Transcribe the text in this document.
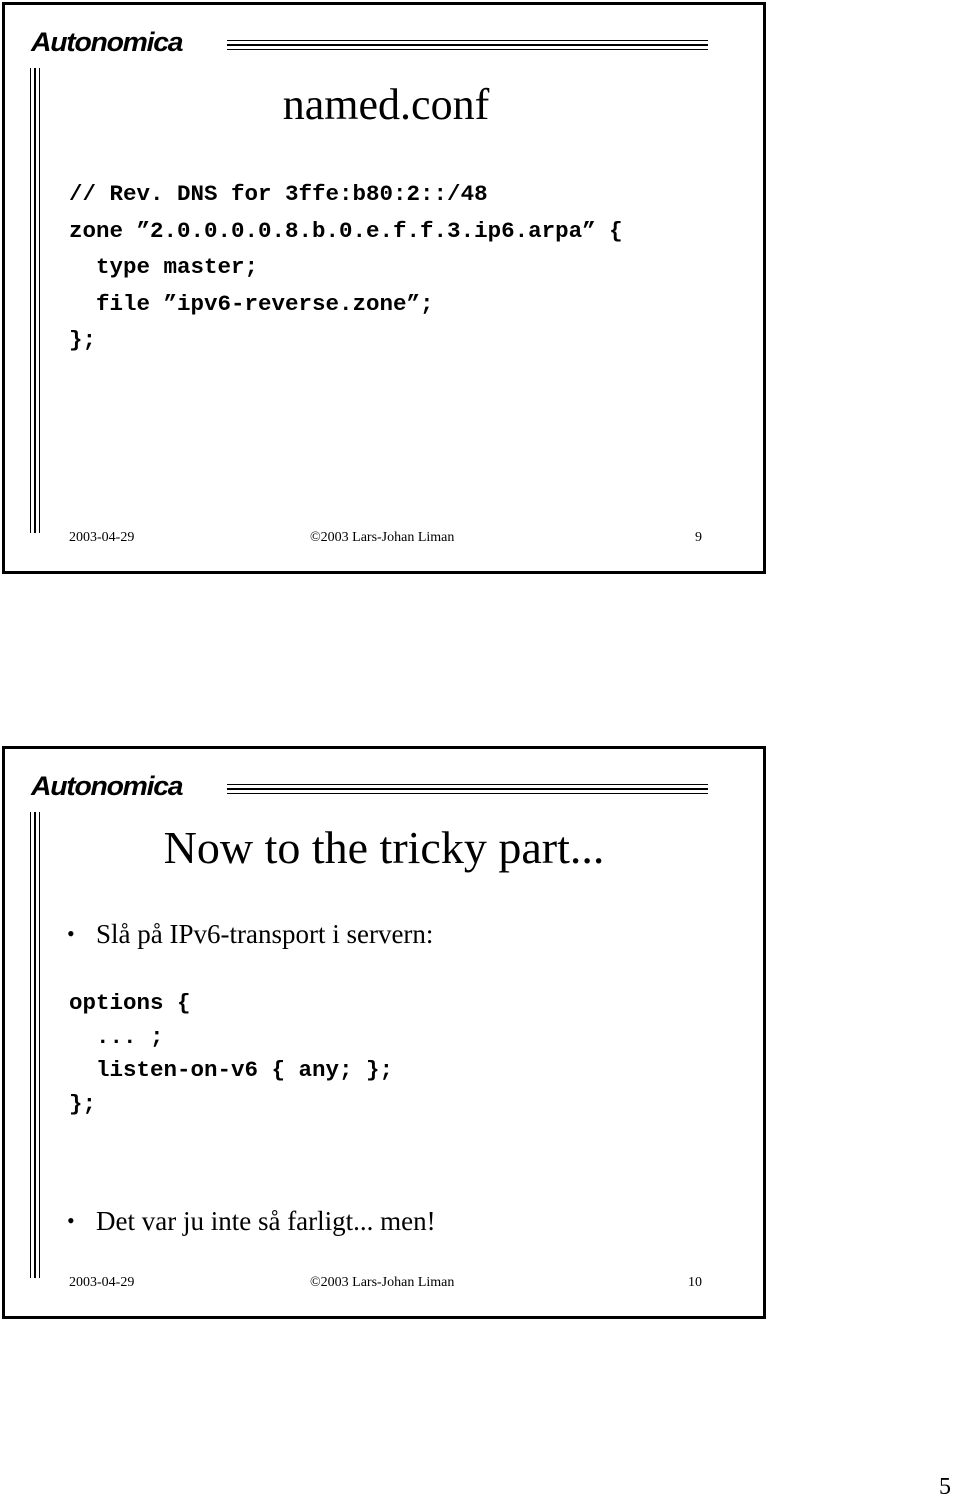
Autonomica
named.conf
// Rev. DNS for 3ffe:b80:2::/48
zone ”2.0.0.0.0.8.b.0.e.f.f.3.ip6.arpa” {
type master;
file ”ipv6-reverse.zone”;
};
2003-04-29	©2003 Lars-Johan Liman	9
Autonomica
Now to the tricky part...
• Slå på IPv6-transport i servern:
options {
... ;
listen-on-v6 { any; };
};
• Det var ju inte så farligt... men!
2003-04-29	©2003 Lars-Johan Liman	10
5
